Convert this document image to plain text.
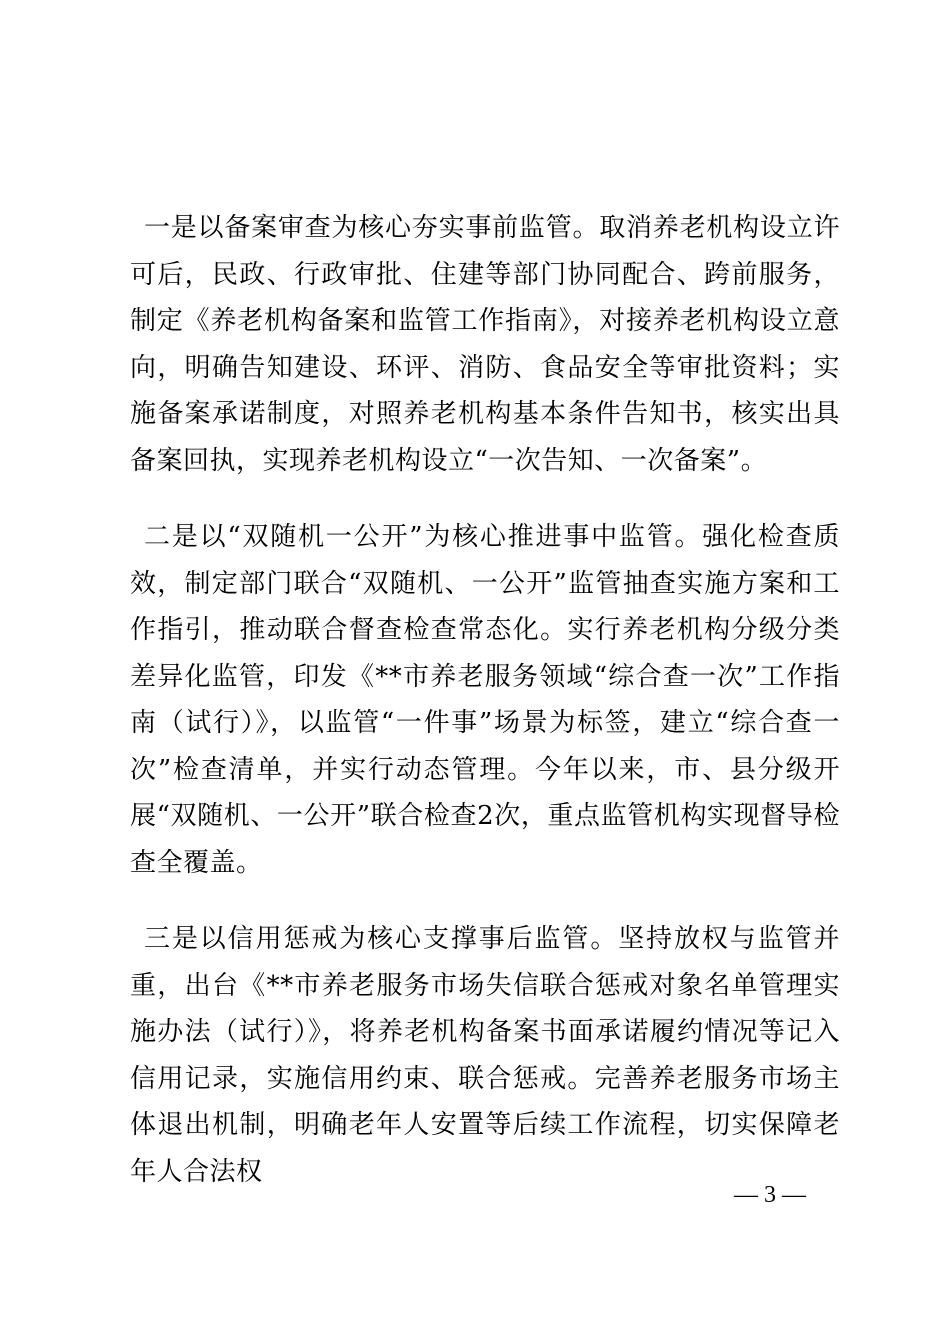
一是以备案审查为核心夯实事前监管。取消养老机构设立许可后，民政、行政审批、住建等部门协同配合、跨前服务，制定《养老机构备案和监管工作指南》，对接养老机构设立意向，明确告知建设、环评、消防、食品安全等审批资料；实施备案承诺制度，对照养老机构基本条件告知书，核实出具备案回执，实现养老机构设立“一次告知、一次备案”。

二是以“双随机一公开”为核心推进事中监管。强化检查质效，制定部门联合“双随机、一公开”监管抽查实施方案和工作指引，推动联合督查检查常态化。实行养老机构分级分类差异化监管，印发《**市养老服务领域“综合查一次”工作指南（试行）》，以监管“一件事”场景为标签，建立“综合查一次”检查清单，并实行动态管理。今年以来，市、县分级开展“双随机、一公开”联合检查2次，重点监管机构实现督导检查全覆盖。

三是以信用惩戒为核心支撑事后监管。坚持放权与监管并重，出台《**市养老服务市场失信联合惩戒对象名单管理实施办法（试行）》，将养老机构备案书面承诺履约情况等记入信用记录，实施信用约束、联合惩戒。完善养老服务市场主体退出机制，明确老年人安置等后续工作流程，切实保障老年人合法权

— 3 —
